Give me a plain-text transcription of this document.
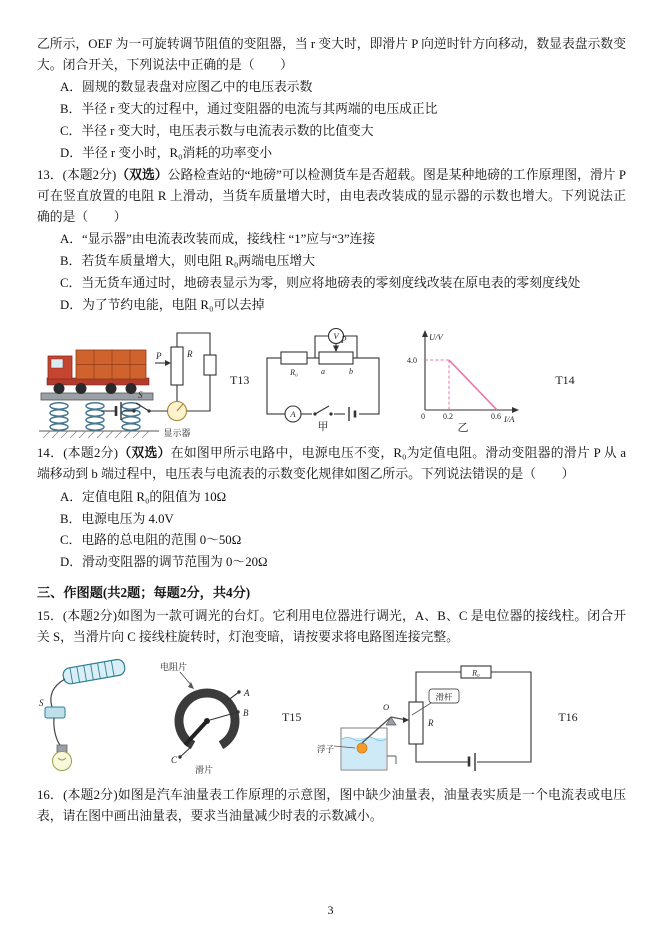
乙所示，OEF 为一可旋转调节阻值的变阻器，当 r 变大时，即滑片 P 向逆时针方向移动，数显表盘示数变大。闭合开关，下列说法中正确的是（　　）

A．圆规的数显表盘对应图乙中的电压表示数

B．半径 r 变大的过程中，通过变阻器的电流与其两端的电压成正比

C．半径 r 变大时，电压表示数与电流表示数的比值变大

D．半径 r 变小时，R₀消耗的功率变小

13．(本题2分)（双选）公路检查站的“地磅”可以检测货车是否超载。图是某种地磅的工作原理图，滑片 P 可在竖直放置的电阻 R 上滑动，当货车质量增大时，由电表改装成的显示器的示数也增大。下列说法正确的是（　　）

A．“显示器”由电流表改装而成，接线柱 “1”应与“3”连接

B．若货车质量增大，则电阻 R₀两端电压增大

C．当无货车通过时，地磅表显示为零，则应将地磅表的零刻度线改装在原电表的零刻度线处

D．为了节约电能，电阻 R₀可以去掉

P	R
S
显示器
T13
V P
R₀	a	b
A
甲
U/V
I/A
4.0
0 0.2	0.6
乙
T14

14．(本题2分)（双选）在如图甲所示电路中，电源电压不变，R₀为定值电阻。滑动变阻器的滑片 P 从 a 端移动到 b 端过程中，电压表与电流表的示数变化规律如图乙所示。下列说法错误的是（　　）

A．定值电阻 R₀的阻值为 10Ω

B．电源电压为 4.0V

C．电路的总电阻的范围 0～50Ω

D．滑动变阻器的调节范围为 0～20Ω

三、作图题(共2题；每题2分，共4分)

15．(本题2分)如图为一款可调光的台灯。它利用电位器进行调光，A、B、C 是电位器的接线柱。闭合开关 S，当滑片向 C 接线柱旋转时，灯泡变暗，请按要求将电路图连接完整。

S
电阻片
A
B
C
滑片
T15
浮子
O
滑杆
R
R₀
T16

16．(本题2分)如图是汽车油量表工作原理的示意图，图中缺少油量表，油量表实质是一个电流表或电压表，请在图中画出油量表，要求当油量减少时表的示数减小。

3
